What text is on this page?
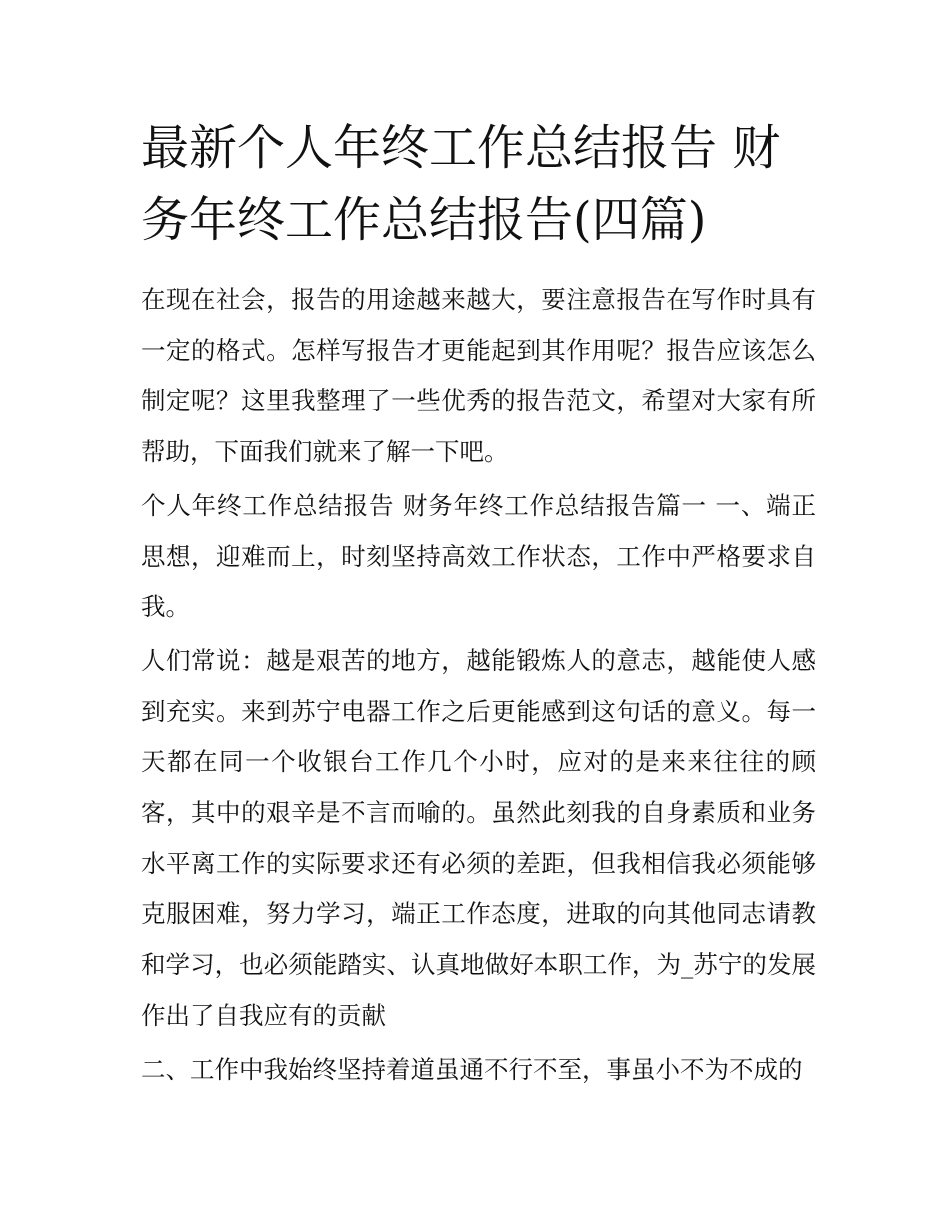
最新个人年终工作总结报告 财务年终工作总结报告(四篇)

在现在社会，报告的用途越来越大，要注意报告在写作时具有一定的格式。怎样写报告才更能起到其作用呢？报告应该怎么制定呢？这里我整理了一些优秀的报告范文，希望对大家有所帮助，下面我们就来了解一下吧。

个人年终工作总结报告 财务年终工作总结报告篇一 一、端正思想，迎难而上，时刻坚持高效工作状态，工作中严格要求自我。

人们常说：越是艰苦的地方，越能锻炼人的意志，越能使人感到充实。来到苏宁电器工作之后更能感到这句话的意义。每一天都在同一个收银台工作几个小时，应对的是来来往往的顾客，其中的艰辛是不言而喻的。虽然此刻我的自身素质和业务水平离工作的实际要求还有必须的差距，但我相信我必须能够克服困难，努力学习，端正工作态度，进取的向其他同志请教和学习，也必须能踏实、认真地做好本职工作，为_苏宁的发展作出了自我应有的贡献

二、工作中我始终坚持着道虽通不行不至，事虽小不为不成的
